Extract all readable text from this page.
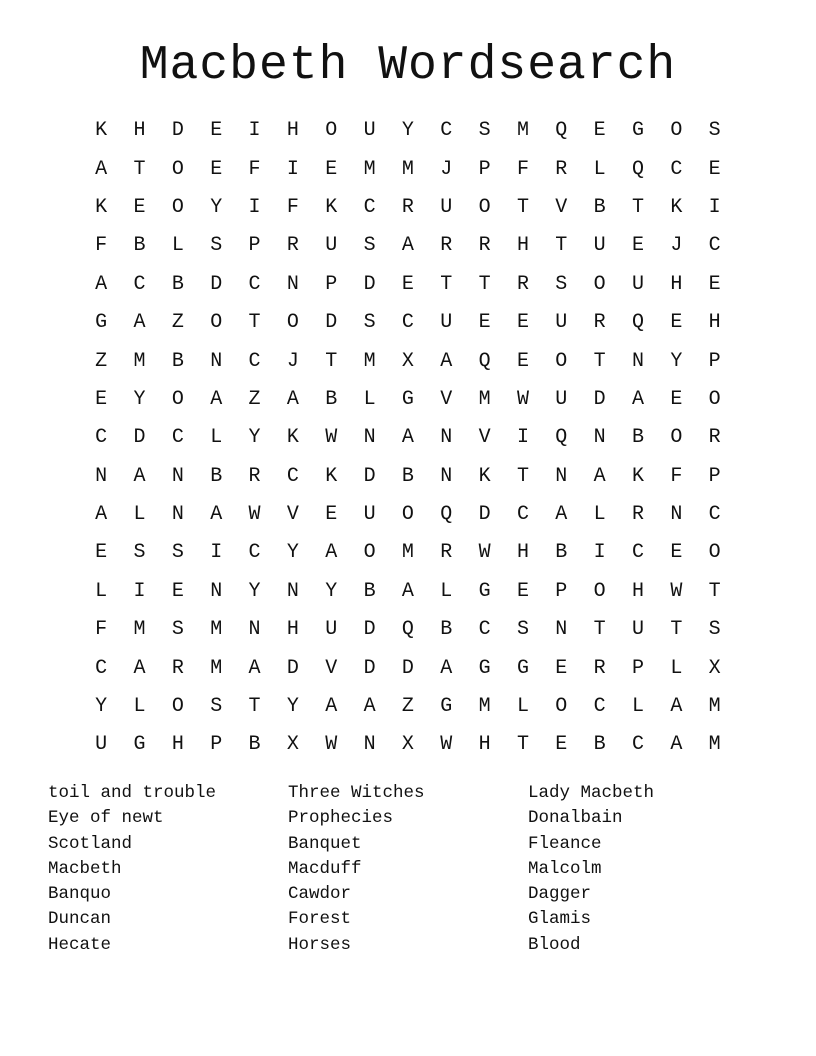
Macbeth Wordsearch
K	H	D	E	I	H	O	U	Y	C	S	M	Q	E	G	O	S
A	T	O	E	F	I	E	M	M	J	P	F	R	L	Q	C	E
K	E	O	Y	I	F	K	C	R	U	O	T	V	B	T	K	I
F	B	L	S	P	R	U	S	A	R	R	H	T	U	E	J	C
A	C	B	D	C	N	P	D	E	T	T	R	S	O	U	H	E
G	A	Z	O	T	O	D	S	C	U	E	E	U	R	Q	E	H
Z	M	B	N	C	J	T	M	X	A	Q	E	O	T	N	Y	P
E	Y	O	A	Z	A	B	L	G	V	M	W	U	D	A	E	O
C	D	C	L	Y	K	W	N	A	N	V	I	Q	N	B	O	R
N	A	N	B	R	C	K	D	B	N	K	T	N	A	K	F	P
A	L	N	A	W	V	E	U	O	Q	D	C	A	L	R	N	C
E	S	S	I	C	Y	A	O	M	R	W	H	B	I	C	E	O
L	I	E	N	Y	N	Y	B	A	L	G	E	P	O	H	W	T
F	M	S	M	N	H	U	D	Q	B	C	S	N	T	U	T	S
C	A	R	M	A	D	V	D	D	A	G	G	E	R	P	L	X
Y	L	O	S	T	Y	A	A	Z	G	M	L	O	C	L	A	M
U	G	H	P	B	X	W	N	X	W	H	T	E	B	C	A	M
toil and trouble	Three Witches	Lady Macbeth
Eye of newt	Prophecies	Donalbain
Scotland	Banquet	Fleance
Macbeth	Macduff	Malcolm
Banquo	Cawdor	Dagger
Duncan	Forest	Glamis
Hecate	Horses	Blood
